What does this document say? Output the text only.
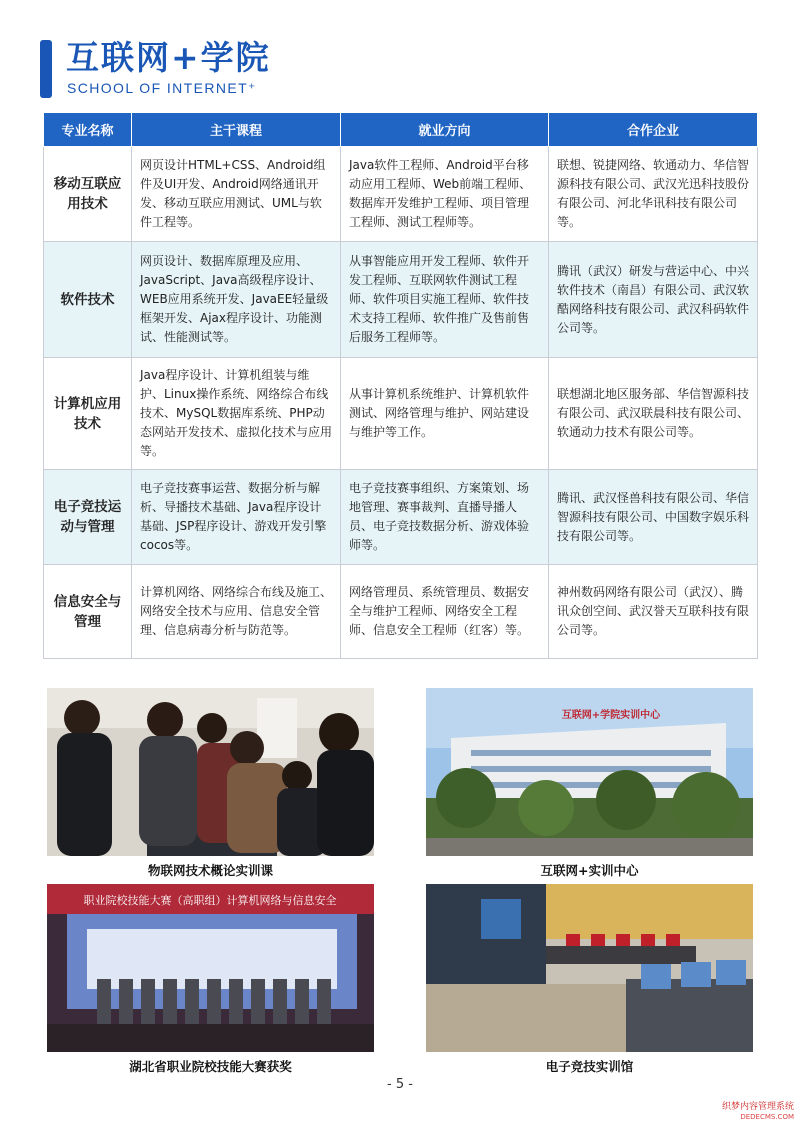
互联网+学院
SCHOOL OF INTERNET⁺
专业名称	主干课程	就业方向	合作企业
移动互联应用技术	网页设计HTML+CSS、Android组件及UI开发、Android网络通讯开发、移动互联应用测试、UML与软件工程等。	Java软件工程师、Android平台移动应用工程师、Web前端工程师、数据库开发维护工程师、项目管理工程师、测试工程师等。	联想、锐捷网络、软通动力、华信智源科技有限公司、武汉光迅科技股份有限公司、河北华讯科技有限公司等。
软件技术	网页设计、数据库原理及应用、JavaScript、Java高级程序设计、WEB应用系统开发、JavaEE轻量级框架开发、Ajax程序设计、功能测试、性能测试等。	从事智能应用开发工程师、软件开发工程师、互联网软件测试工程师、软件项目实施工程师、软件技术支持工程师、软件推广及售前售后服务工程师等。	腾讯（武汉）研发与营运中心、中兴软件技术（南昌）有限公司、武汉软酷网络科技有限公司、武汉科码软件公司等。
计算机应用技术	Java程序设计、计算机组装与维护、Linux操作系统、网络综合布线技术、MySQL数据库系统、PHP动态网站开发技术、虚拟化技术与应用等。	从事计算机系统维护、计算机软件测试、网络管理与维护、网站建设与维护等工作。	联想湖北地区服务部、华信智源科技有限公司、武汉联晨科技有限公司、软通动力技术有限公司等。
电子竞技运动与管理	电子竞技赛事运营、数据分析与解析、导播技术基础、Java程序设计基础、JSP程序设计、游戏开发引擎cocos等。	电子竞技赛事组织、方案策划、场地管理、赛事裁判、直播导播人员、电子竞技数据分析、游戏体验师等。	腾讯、武汉怪兽科技有限公司、华信智源科技有限公司、中国数字娱乐科技有限公司等。
信息安全与管理	计算机网络、网络综合布线及施工、网络安全技术与应用、信息安全管理、信息病毒分析与防范等。	网络管理员、系统管理员、数据安全与维护工程师、网络安全工程师、信息安全工程师（红客）等。	神州数码网络有限公司（武汉）、腾讯众创空间、武汉誉天互联科技有限公司等。
物联网技术概论实训课
互联网+学院实训中心
互联网+实训中心
职业院校技能大赛（高职组）计算机网络与信息安全
湖北省职业院校技能大赛获奖	电子竞技实训馆
- 5 -
织梦内容管理系统
DEDECMS.COM
